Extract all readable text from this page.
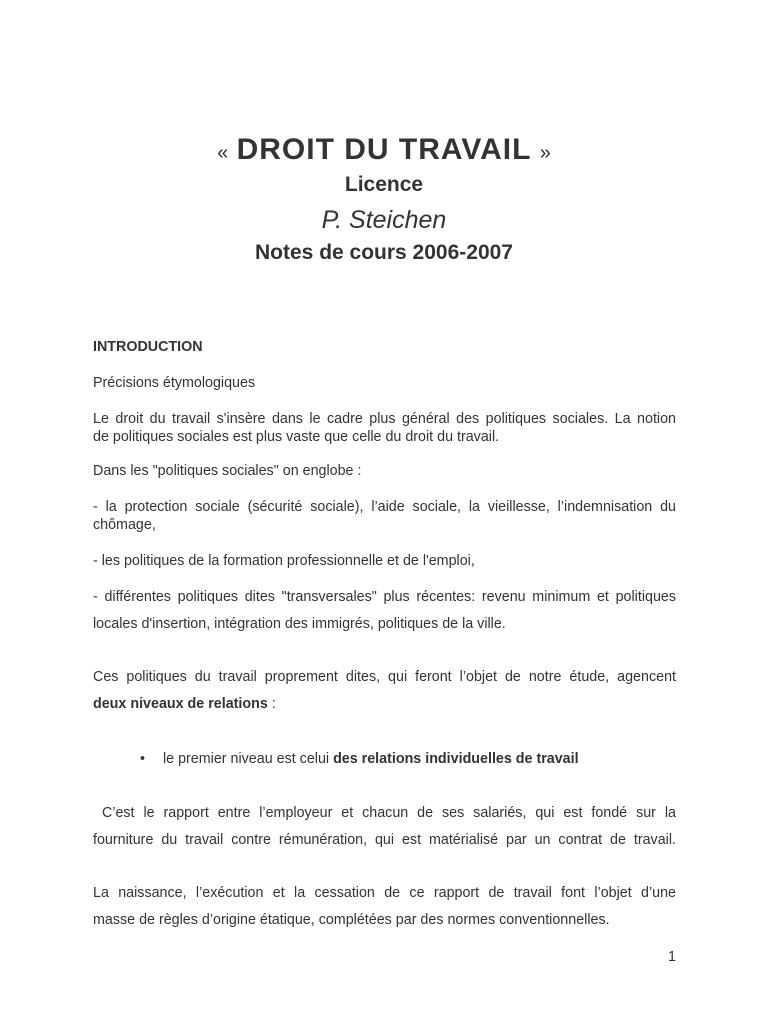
« DROIT DU TRAVAIL »
Licence
P. Steichen
Notes de cours 2006-2007
INTRODUCTION
Précisions étymologiques
Le droit du travail s'insère dans le cadre plus général des politiques sociales. La notion
de politiques sociales est plus vaste que celle du droit du travail.
Dans les "politiques sociales" on englobe :
- la protection sociale (sécurité sociale), l’aide sociale, la vieillesse, l’indemnisation du
chômage,
- les politiques de la formation professionnelle et de l'emploi,
- différentes politiques dites "transversales" plus récentes: revenu minimum et politiques
locales d'insertion, intégration des immigrés, politiques de la ville.
Ces politiques du travail proprement dites, qui feront l’objet de notre étude, agencent
deux niveaux de relations :
• le premier niveau est celui des relations individuelles de travail
C’est le rapport entre l’employeur et chacun de ses salariés, qui est fondé sur la
fourniture du travail contre rémunération, qui est matérialisé par un contrat de travail.
La naissance, l’exécution et la cessation de ce rapport de travail font l’objet d’une
masse de règles d’origine étatique, complétées par des normes conventionnelles.
1
